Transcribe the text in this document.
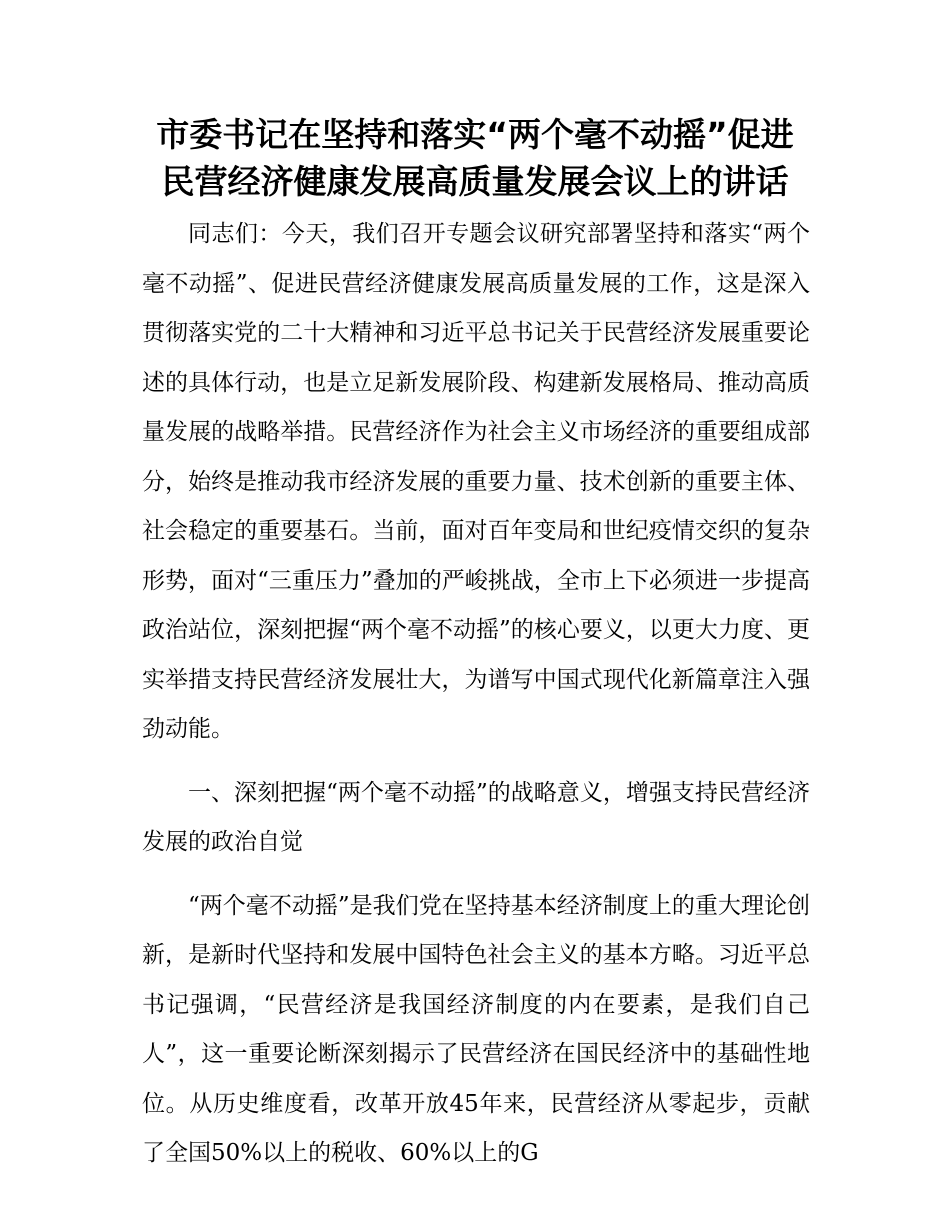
市委书记在坚持和落实“两个毫不动摇”促进
民营经济健康发展高质量发展会议上的讲话

同志们：今天，我们召开专题会议研究部署坚持和落实“两个毫不动摇”、促进民营经济健康发展高质量发展的工作，这是深入贯彻落实党的二十大精神和习近平总书记关于民营经济发展重要论述的具体行动，也是立足新发展阶段、构建新发展格局、推动高质量发展的战略举措。民营经济作为社会主义市场经济的重要组成部分，始终是推动我市经济发展的重要力量、技术创新的重要主体、社会稳定的重要基石。当前，面对百年变局和世纪疫情交织的复杂形势，面对“三重压力”叠加的严峻挑战，全市上下必须进一步提高政治站位，深刻把握“两个毫不动摇”的核心要义，以更大力度、更实举措支持民营经济发展壮大，为谱写中国式现代化新篇章注入强劲动能。

一、深刻把握“两个毫不动摇”的战略意义，增强支持民营经济发展的政治自觉

“两个毫不动摇”是我们党在坚持基本经济制度上的重大理论创新，是新时代坚持和发展中国特色社会主义的基本方略。习近平总书记强调，“民营经济是我国经济制度的内在要素，是我们自己人”，这一重要论断深刻揭示了民营经济在国民经济中的基础性地位。从历史维度看，改革开放45年来，民营经济从零起步，贡献了全国50%以上的税收、60%以上的G
